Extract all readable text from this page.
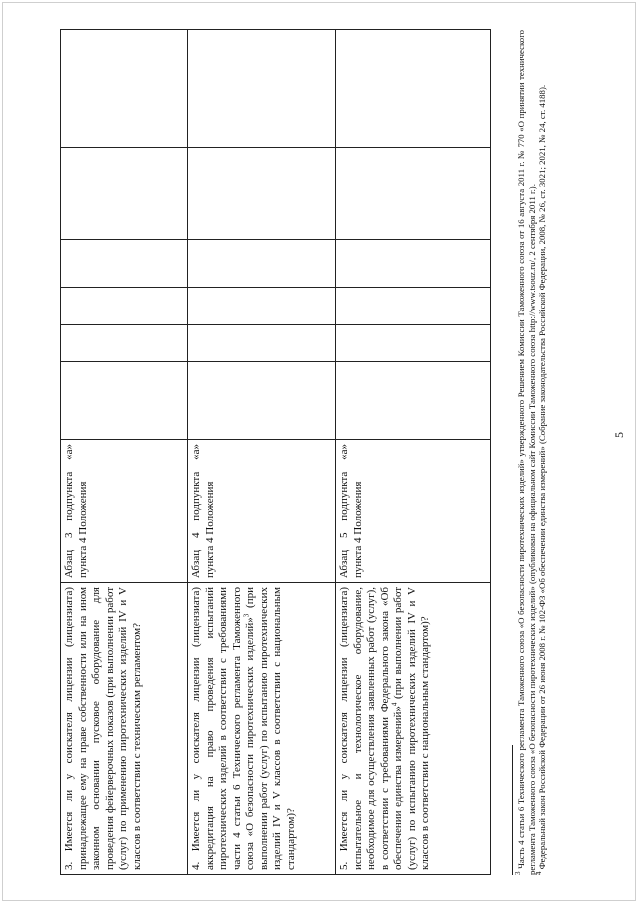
5
3. Имеется ли у соискателя лицензии (лицензиата) принадлежащее ему на праве собственности или на ином законном основании пусковое оборудование для проведения фейерверочных показов (при выполнении работ (услуг) по применению пиротехнических изделий IV и V классов в соответствии с техническим регламентом?	Абзац 3 подпункта «а» пункта 4 Положения						
4. Имеется ли у соискателя лицензии (лицензиата) аккредитация на право проведения испытаний пиротехнических изделий в соответствии с требованиями части 4 статьи 6 Технического регламента Таможенного союза «О безопасности пиротехнических изделий»$^3$ (при выполнении работ (услуг) по испытанию пиротехнических изделий IV и V классов в соответствии с национальным стандартом)?	Абзац 4 подпункта «а» пункта 4 Положения						
5. Имеется ли у соискателя лицензии (лицензиата) испытательное и технологическое оборудование, необходимое для осуществления заявленных работ (услуг), в соответствии с требованиями Федерального закона «Об обеспечении единства измерений»$^4$ (при выполнении работ (услуг) по испытанию пиротехнических изделий IV и V классов в соответствии с национальным стандартом)?	Абзац 5 подпункта «а» пункта 4 Положения						
$^3$ Часть 4 статьи 6 Технического регламента Таможенного союза «О безопасности пиротехнических изделий» утвержденного Решением Комиссии Таможенного союза от 16 августа 2011 г. № 770 «О принятии технического регламента Таможенного союза «О безопасности пиротехнических изделий» (опубликован на официальном сайт Комиссии Таможенного союза http://www.tsouz.ru/, 2 сентября 2011 г.).
$^4$ Федеральный закон Российской Федерации от 26 июня 2008 г. № 102-ФЗ «Об обеспечении единства измерений» (Собрание законодательства Российской Федерации, 2008, № 26, ст. 3021; 2021, № 24, ст. 4188).
